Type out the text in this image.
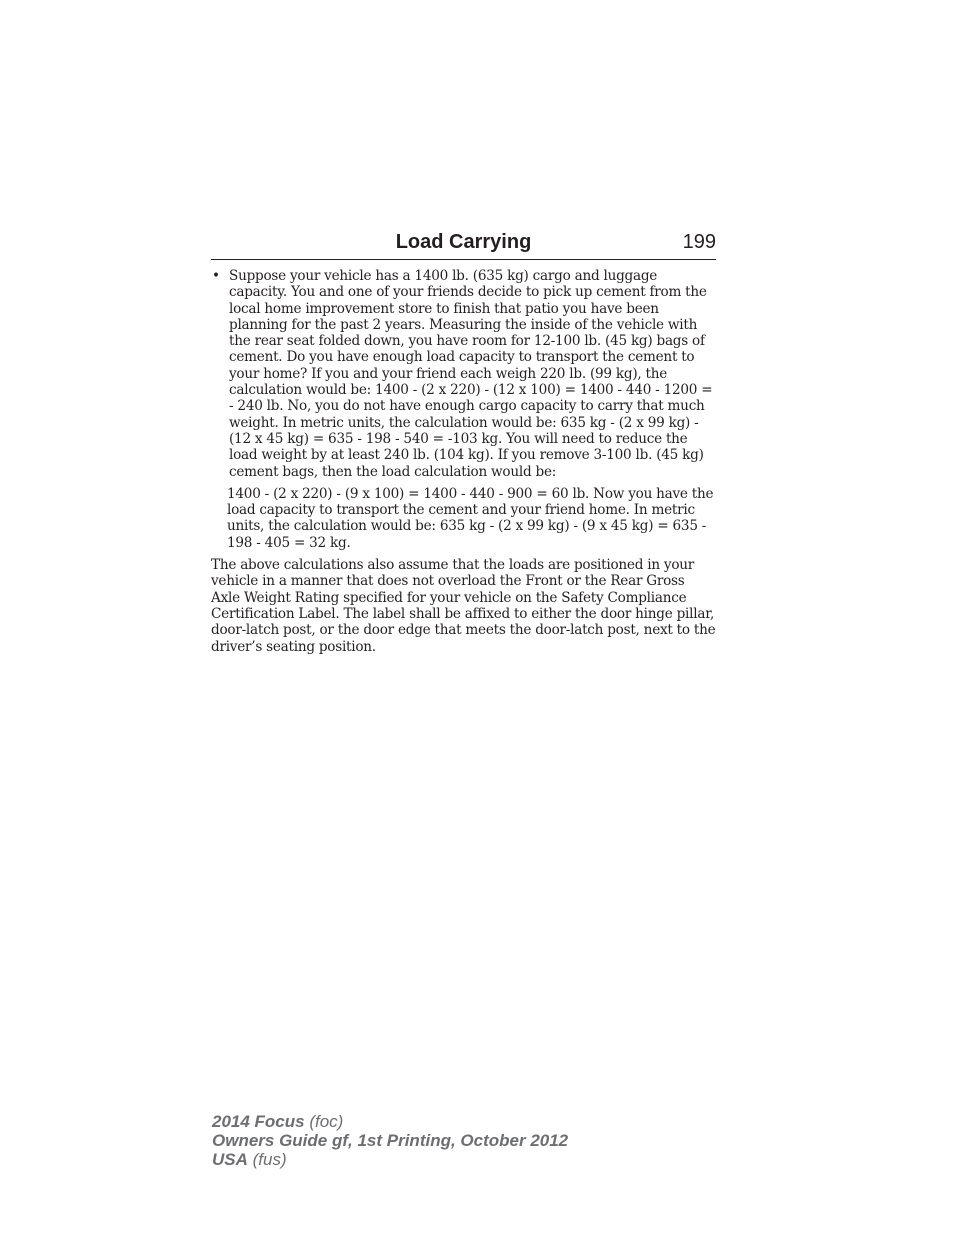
Load Carrying	199
• Suppose your vehicle has a 1400 lb. (635 kg) cargo and luggage capacity. You and one of your friends decide to pick up cement from the local home improvement store to finish that patio you have been planning for the past 2 years. Measuring the inside of the vehicle with the rear seat folded down, you have room for 12-100 lb. (45 kg) bags of cement. Do you have enough load capacity to transport the cement to your home? If you and your friend each weigh 220 lb. (99 kg), the calculation would be: 1400 - (2 x 220) - (12 x 100) = 1400 - 440 - 1200 = - 240 lb. No, you do not have enough cargo capacity to carry that much weight. In metric units, the calculation would be: 635 kg - (2 x 99 kg) - (12 x 45 kg) = 635 - 198 - 540 = -103 kg. You will need to reduce the load weight by at least 240 lb. (104 kg). If you remove 3-100 lb. (45 kg) cement bags, then the load calculation would be:

1400 - (2 x 220) - (9 x 100) = 1400 - 440 - 900 = 60 lb. Now you have the load capacity to transport the cement and your friend home. In metric units, the calculation would be: 635 kg - (2 x 99 kg) - (9 x 45 kg) = 635 - 198 - 405 = 32 kg.

The above calculations also assume that the loads are positioned in your vehicle in a manner that does not overload the Front or the Rear Gross Axle Weight Rating specified for your vehicle on the Safety Compliance Certification Label. The label shall be affixed to either the door hinge pillar, door-latch post, or the door edge that meets the door-latch post, next to the driver’s seating position.

2014 Focus (foc)
Owners Guide gf, 1st Printing, October 2012
USA (fus)
